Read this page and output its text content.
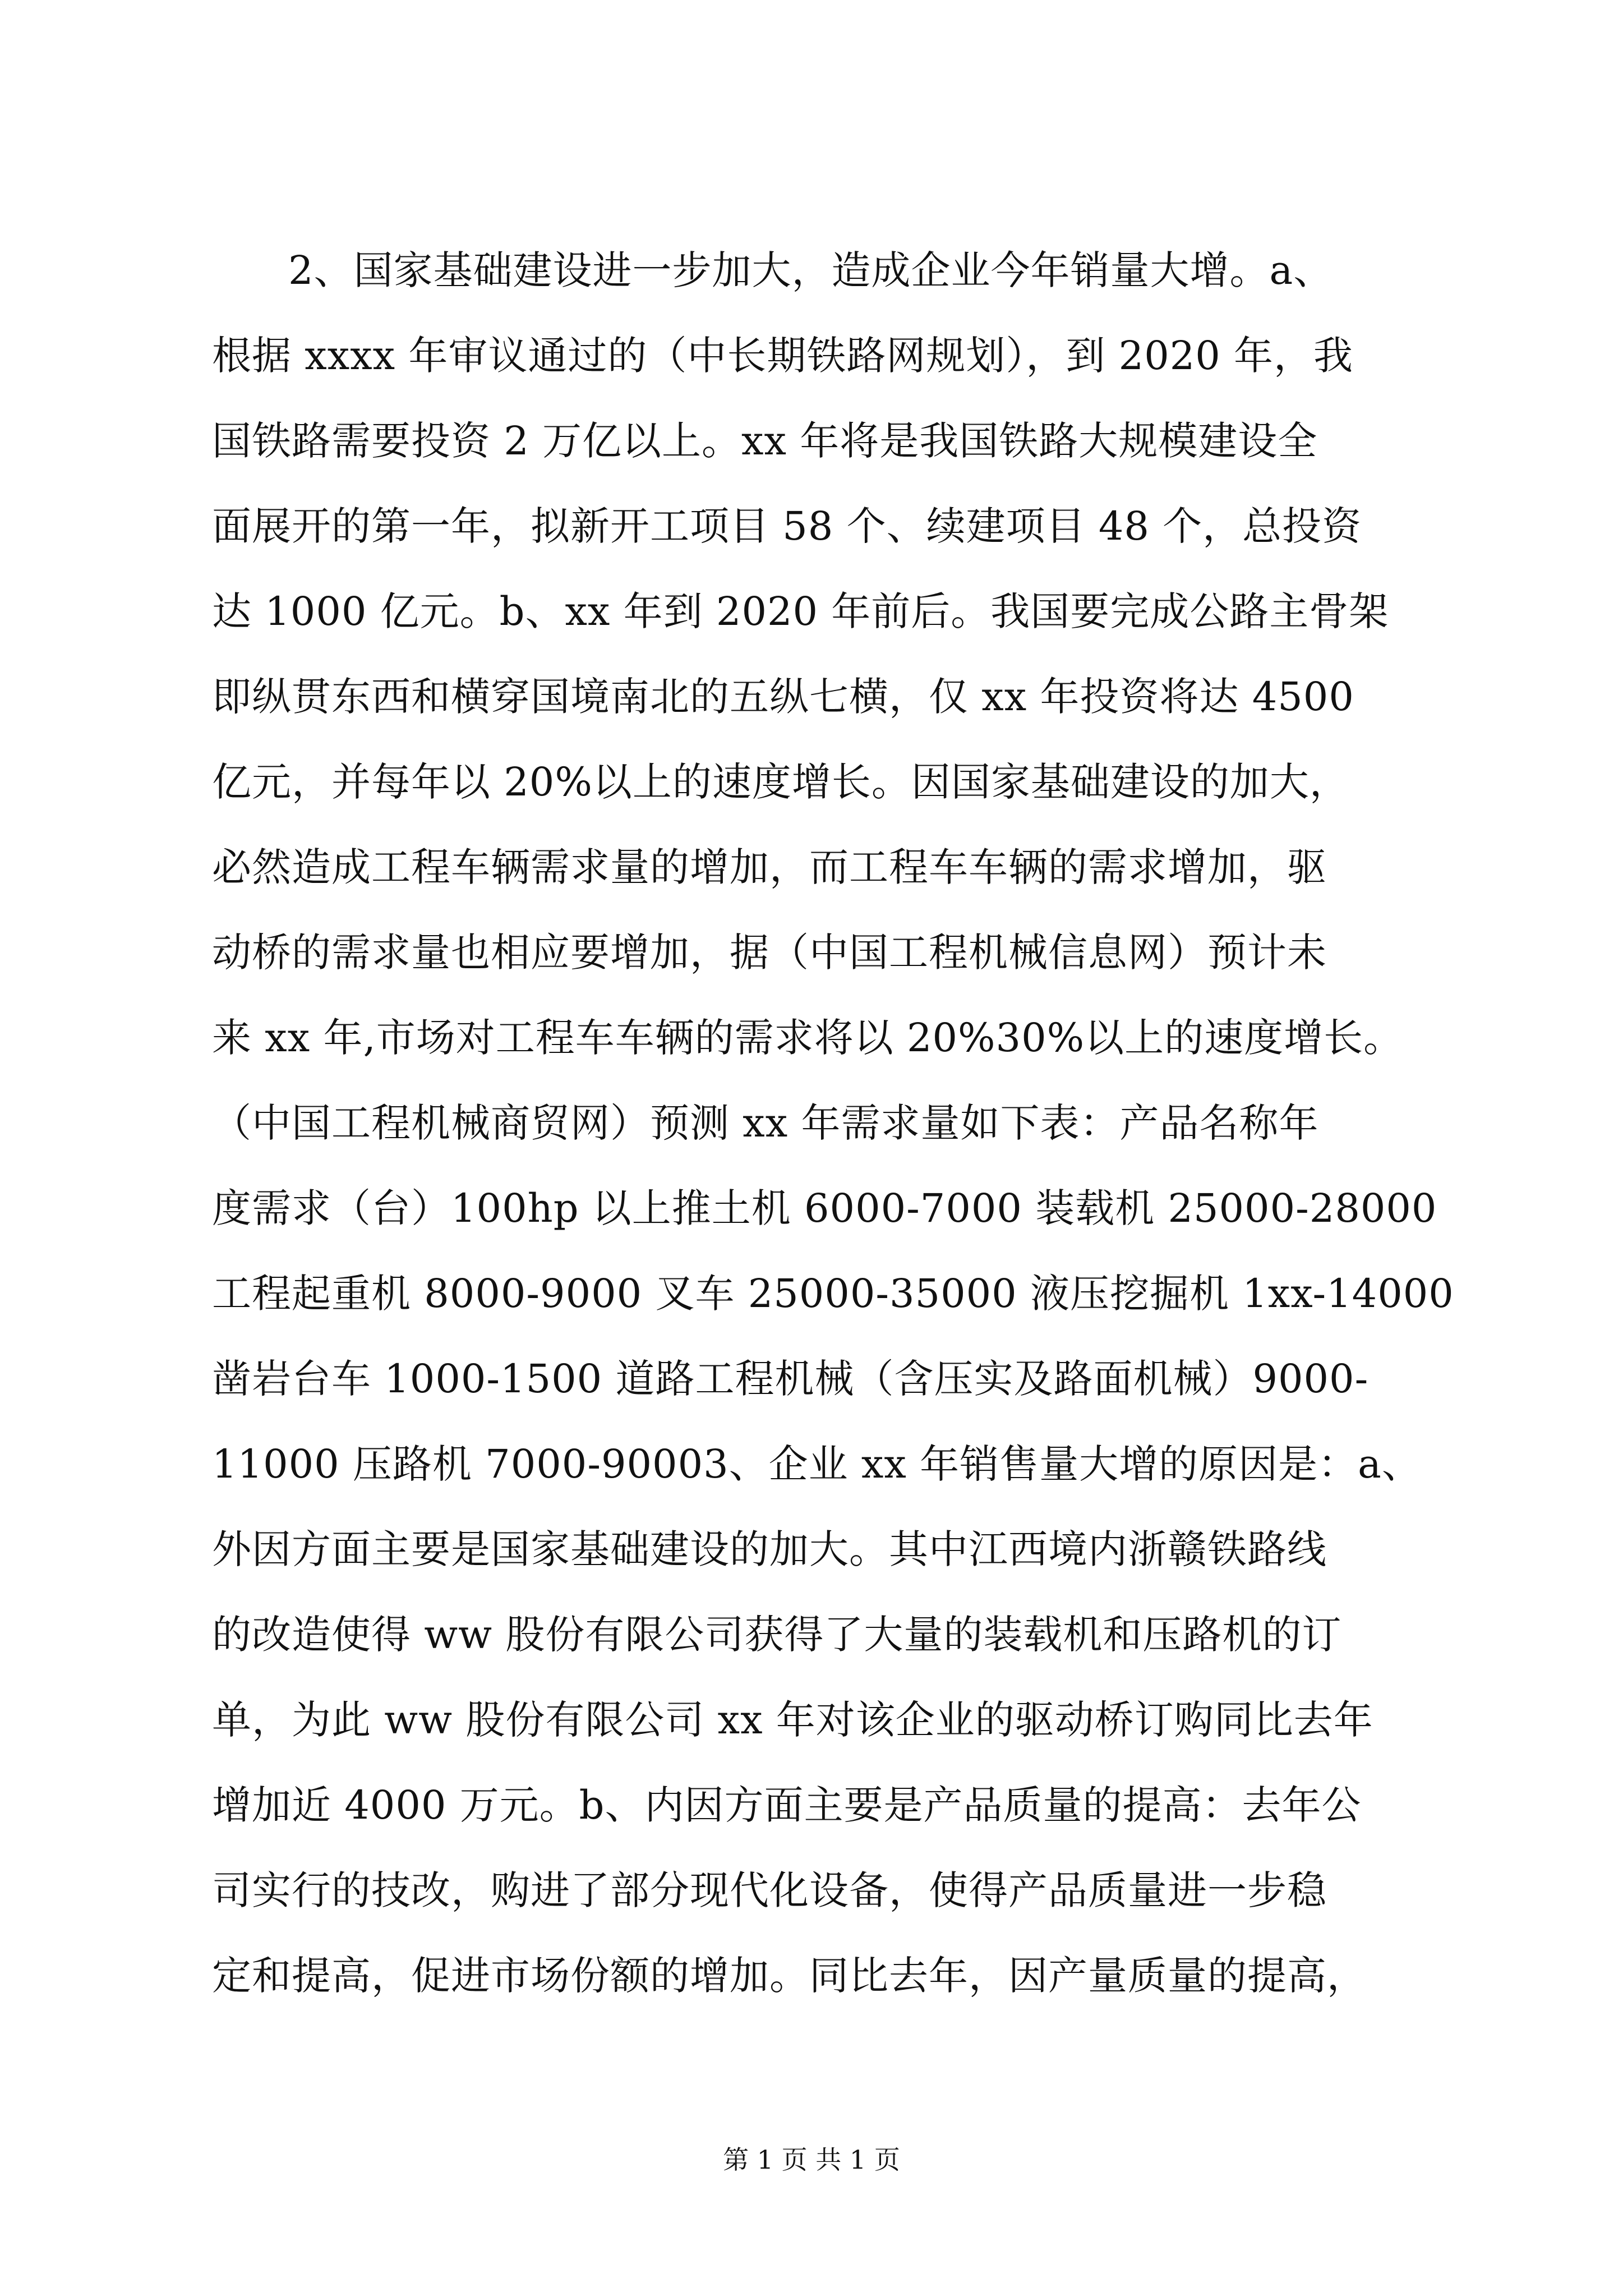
2、国家基础建设进一步加大，造成企业今年销量大增。a、
根据 xxxx 年审议通过的（中长期铁路网规划），到 2020 年，我
国铁路需要投资 2 万亿以上。xx 年将是我国铁路大规模建设全
面展开的第一年，拟新开工项目 58 个、续建项目 48 个，总投资
达 1000 亿元。b、xx 年到 2020 年前后。我国要完成公路主骨架
即纵贯东西和横穿国境南北的五纵七横，仅 xx 年投资将达 4500
亿元，并每年以 20%以上的速度增长。因国家基础建设的加大，
必然造成工程车辆需求量的增加，而工程车车辆的需求增加，驱
动桥的需求量也相应要增加，据（中国工程机械信息网）预计未
来 xx 年,市场对工程车车辆的需求将以 20%30%以上的速度增长。
（中国工程机械商贸网）预测 xx 年需求量如下表：产品名称年
度需求（台）100hp 以上推土机 6000-7000 装载机 25000-28000
工程起重机 8000-9000 叉车 25000-35000 液压挖掘机 1xx-14000
凿岩台车 1000-1500 道路工程机械（含压实及路面机械）9000-
11000 压路机 7000-90003、企业 xx 年销售量大增的原因是：a、
外因方面主要是国家基础建设的加大。其中江西境内浙赣铁路线
的改造使得 ww 股份有限公司获得了大量的装载机和压路机的订
单，为此 ww 股份有限公司 xx 年对该企业的驱动桥订购同比去年
增加近 4000 万元。b、内因方面主要是产品质量的提高：去年公
司实行的技改，购进了部分现代化设备，使得产品质量进一步稳
定和提高，促进市场份额的增加。同比去年，因产量质量的提高，
第 1 页 共 1 页
